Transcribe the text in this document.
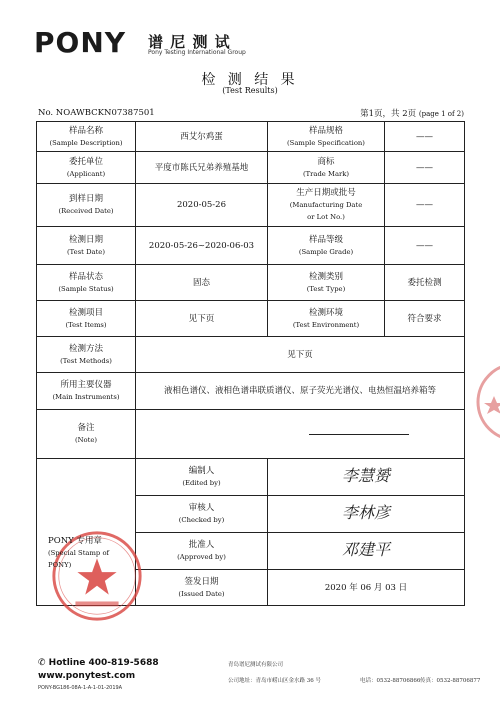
PONY 谱 尼 测 试
Pony Testing International Group
检 测 结 果
(Test Results)
No. NOAWBCKN07387501	第1页，共 2页 (page 1 of 2)
样品名称
(Sample Description)	西艾尔鸡蛋	样品规格
(Sample Specification)	——

委托单位
(Applicant)	平度市陈氏兄弟养殖基地	商标
(Trade Mark)	——

到样日期
(Received Date)	2020-05-26	生产日期或批号
(Manufacturing Date
or Lot No.)	——

检测日期
(Test Date)	2020-05-26~2020-06-03	样品等级
(Sample Grade)	——

样品状态
(Sample Status)	固态	检测类别
(Test Type)	委托检测

检测项目
(Test Items)	见下页	检测环境
(Test Environment)	符合要求

检测方法
(Test Methods)	见下页		

所用主要仪器
(Main Instruments)	液相色谱仪、液相色谱串联质谱仪、原子荧光光谱仪、电热恒温培养箱等		

备注
(Note)			

	编制人
(Edited by)	李慧赟	

	审核人
(Checked by)	李林彦	

	批准人
(Approved by)	邓建平	

	签发日期
(Issued Date)	2020 年 06 月 03 日	
PONY 专用章
(Special Stamp of
PONY)
✆ Hotline 400-819-5688
www.ponytest.com
PONY-BG186-08A-1-A-1-01-2019A
青岛谱尼测试有限公司
公司地址：青岛市崂山区金水路 36 号	电话：0532-88706866 传真：0532-88706877
